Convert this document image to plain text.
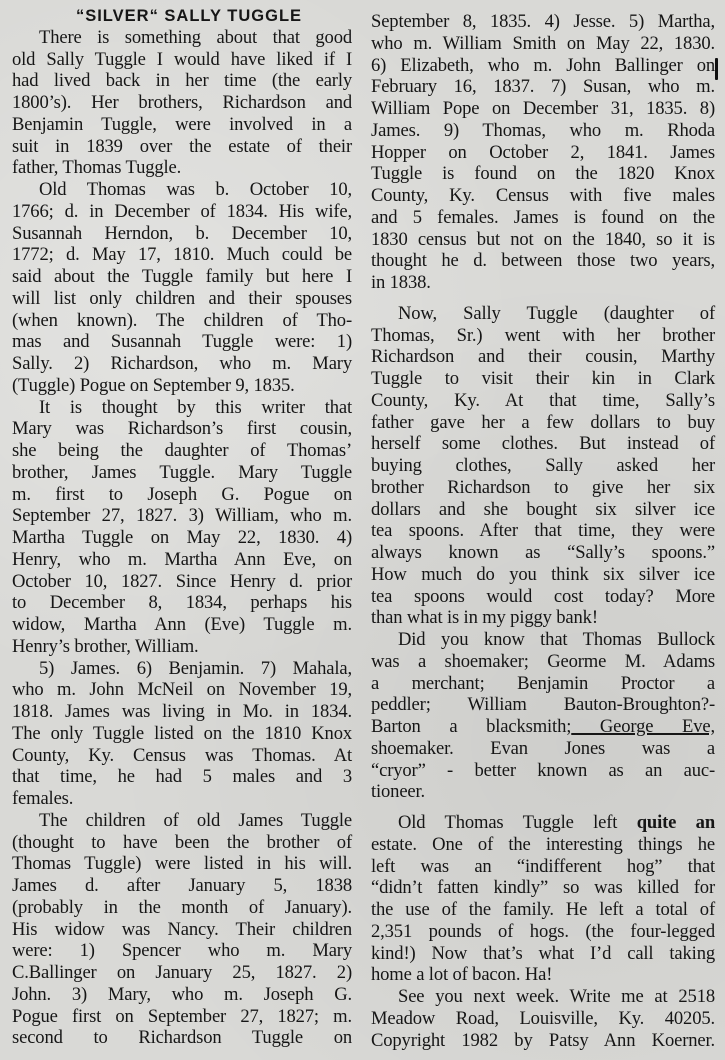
“SILVER“ SALLY TUGGLE
There is something about that good
old Sally Tuggle I would have liked if I
had lived back in her time (the early
1800’s). Her brothers, Richardson and
Benjamin Tuggle, were involved in a
suit in 1839 over the estate of their
father, Thomas Tuggle.
Old Thomas was b. October 10,
1766; d. in December of 1834. His wife,
Susannah Herndon, b. December 10,
1772; d. May 17, 1810. Much could be
said about the Tuggle family but here I
will list only children and their spouses
(when known). The children of Tho-
mas and Susannah Tuggle were: 1)
Sally. 2) Richardson, who m. Mary
(Tuggle) Pogue on September 9, 1835.
It is thought by this writer that
Mary was Richardson’s first cousin,
she being the daughter of Thomas’
brother, James Tuggle. Mary Tuggle
m. first to Joseph G. Pogue on
September 27, 1827. 3) William, who m.
Martha Tuggle on May 22, 1830. 4)
Henry, who m. Martha Ann Eve, on
October 10, 1827. Since Henry d. prior
to December 8, 1834, perhaps his
widow, Martha Ann (Eve) Tuggle m.
Henry’s brother, William.
5) James. 6) Benjamin. 7) Mahala,
who m. John McNeil on November 19,
1818. James was living in Mo. in 1834.
The only Tuggle listed on the 1810 Knox
County, Ky. Census was Thomas. At
that time, he had 5 males and 3
females.
The children of old James Tuggle
(thought to have been the brother of
Thomas Tuggle) were listed in his will.
James d. after January 5, 1838
(probably in the month of January).
His widow was Nancy. Their children
were: 1) Spencer who m. Mary
C.Ballinger on January 25, 1827. 2)
John. 3) Mary, who m. Joseph G.
Pogue first on September 27, 1827; m.
second to Richardson Tuggle on
September 8, 1835. 4) Jesse. 5) Martha,
who m. William Smith on May 22, 1830.
6) Elizabeth, who m. John Ballinger on
February 16, 1837. 7) Susan, who m.
William Pope on December 31, 1835. 8)
James. 9) Thomas, who m. Rhoda
Hopper on October 2, 1841. James
Tuggle is found on the 1820 Knox
County, Ky. Census with five males
and 5 females. James is found on the
1830 census but not on the 1840, so it is
thought he d. between those two years,
in 1838.
Now, Sally Tuggle (daughter of
Thomas, Sr.) went with her brother
Richardson and their cousin, Marthy
Tuggle to visit their kin in Clark
County, Ky. At that time, Sally’s
father gave her a few dollars to buy
herself some clothes. But instead of
buying clothes, Sally asked her
brother Richardson to give her six
dollars and she bought six silver ice
tea spoons. After that time, they were
always known as “Sally’s spoons.”
How much do you think six silver ice
tea spoons would cost today? More
than what is in my piggy bank!
Did you know that Thomas Bullock
was a shoemaker; Georme M. Adams
a merchant; Benjamin Proctor a
peddler; William Bauton-Broughton?-
Barton a blacksmith; George Eve,
shoemaker. Evan Jones was a
“cryor” - better known as an auc-
tioneer.
Old Thomas Tuggle left quite an
estate. One of the interesting things he
left was an “indifferent hog” that
“didn’t fatten kindly” so was killed for
the use of the family. He left a total of
2,351 pounds of hogs. (the four-legged
kind!) Now that’s what I’d call taking
home a lot of bacon. Ha!
See you next week. Write me at 2518
Meadow Road, Louisville, Ky. 40205.
Copyright 1982 by Patsy Ann Koerner.
